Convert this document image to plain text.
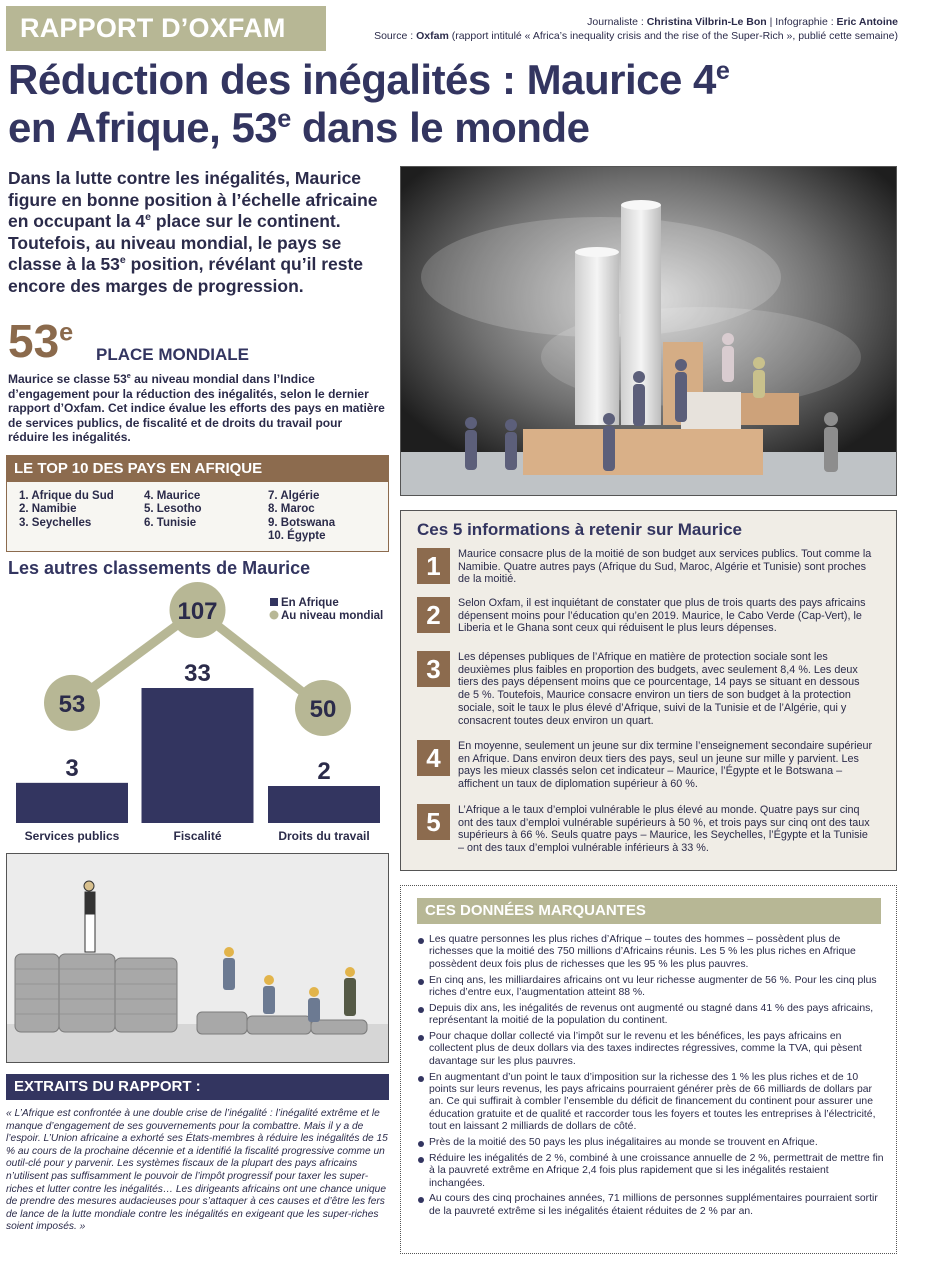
RAPPORT D’OXFAM	Journaliste : Christina Vilbrin-Le Bon | Infographie : Eric Antoine
Source : Oxfam (rapport intitulé « Africa’s inequality crisis and the rise of the Super-Rich », publié cette semaine)
Réduction des inégalités : Maurice 4e
en Afrique, 53e dans le monde

Dans la lutte contre les inégalités, Maurice figure en bonne position à l’échelle africaine en occupant la 4e place sur le continent. Toutefois, au niveau mondial, le pays se classe à la 53e position, révélant qu’il reste encore des marges de progression.

53e
PLACE MONDIALE

Maurice se classe 53e au niveau mondial dans l’Indice d’engagement pour la réduction des inégalités, selon le dernier rapport d’Oxfam. Cet indice évalue les efforts des pays en matière de services publics, de fiscalité et de droits du travail pour réduire les inégalités.

LE TOP 10 DES PAYS EN AFRIQUE
1. Afrique du Sud
2. Namibie
3. Seychelles
4. Maurice
5. Lesotho
6. Tunisie
7. Algérie
8. Maroc
9. Botswana
10. Égypte
Les autres classements de Maurice
3
Services publics
33
Fiscalité
2
Droits du travail
53
107
50
En Afrique
Au niveau mondial
EXTRAITS DU RAPPORT :

« L’Afrique est confrontée à une double crise de l’inégalité : l’inégalité extrême et le manque d’engagement de ses gouvernements pour la combattre. Mais il y a de l’espoir. L’Union africaine a exhorté ses États-membres à réduire les inégalités de 15 % au cours de la prochaine décennie et a identifié la fiscalité progressive comme un outil-clé pour y parvenir. Les systèmes fiscaux de la plupart des pays africains n’utilisent pas suffisamment le pouvoir de l’impôt progressif pour taxer les super-riches et lutter contre les inégalités… Les dirigeants africains ont une chance unique de prendre des mesures audacieuses pour s’attaquer à ces causes et d’être les fers de lance de la lutte mondiale contre les inégalités en exigeant que les super-riches soient imposés. »

Ces 5 informations à retenir sur Maurice
1	Maurice consacre plus de la moitié de son budget aux services publics. Tout comme la Namibie. Quatre autres pays (Afrique du Sud, Maroc, Algérie et Tunisie) sont proches de la moitié.
2	Selon Oxfam, il est inquiétant de constater que plus de trois quarts des pays africains dépensent moins pour l’éducation qu’en 2019. Maurice, le Cabo Verde (Cap-Vert), le Liberia et le Ghana sont ceux qui réduisent le plus leurs dépenses.
3	Les dépenses publiques de l’Afrique en matière de protection sociale sont les deuxièmes plus faibles en proportion des budgets, avec seulement 8,4 %. Les deux tiers des pays dépensent moins que ce pourcentage, 14 pays se situant en dessous de 5 %. Toutefois, Maurice consacre environ un tiers de son budget à la protection sociale, soit le taux le plus élevé d’Afrique, suivi de la Tunisie et de l’Algérie, qui y consacrent toutes deux environ un quart.
4	En moyenne, seulement un jeune sur dix termine l’enseignement secondaire supérieur en Afrique. Dans environ deux tiers des pays, seul un jeune sur mille y parvient. Les pays les mieux classés selon cet indicateur – Maurice, l’Égypte et le Botswana – affichent un taux de diplomation supérieur à 60 %.
5	L’Afrique a le taux d’emploi vulnérable le plus élevé au monde. Quatre pays sur cinq ont des taux d’emploi vulnérable supérieurs à 50 %, et trois pays sur cinq ont des taux supérieurs à 66 %. Seuls quatre pays – Maurice, les Seychelles, l’Égypte et la Tunisie – ont des taux d’emploi vulnérable inférieurs à 33 %.
CES DONNÉES MARQUANTES
Les quatre personnes les plus riches d’Afrique – toutes des hommes – possèdent plus de richesses que la moitié des 750 millions d’Africains réunis. Les 5 % les plus riches en Afrique possèdent deux fois plus de richesses que les 95 % les plus pauvres.
En cinq ans, les milliardaires africains ont vu leur richesse augmenter de 56 %. Pour les cinq plus riches d’entre eux, l’augmentation atteint 88 %.
Depuis dix ans, les inégalités de revenus ont augmenté ou stagné dans 41 % des pays africains, représentant la moitié de la population du continent.
Pour chaque dollar collecté via l’impôt sur le revenu et les bénéfices, les pays africains en collectent plus de deux dollars via des taxes indirectes régressives, comme la TVA, qui pèsent davantage sur les plus pauvres.
En augmentant d’un point le taux d’imposition sur la richesse des 1 % les plus riches et de 10 points sur leurs revenus, les pays africains pourraient générer près de 66 milliards de dollars par an. Ce qui suffirait à combler l’ensemble du déficit de financement du continent pour assurer une éducation gratuite et de qualité et raccorder tous les foyers et toutes les entreprises à l’électricité, tout en laissant 2 milliards de dollars de côté.
Près de la moitié des 50 pays les plus inégalitaires au monde se trouvent en Afrique.
Réduire les inégalités de 2 %, combiné à une croissance annuelle de 2 %, permettrait de mettre fin à la pauvreté extrême en Afrique 2,4 fois plus rapidement que si les inégalités restaient inchangées.
Au cours des cinq prochaines années, 71 millions de personnes supplémentaires pourraient sortir de la pauvreté extrême si les inégalités étaient réduites de 2 % par an.
